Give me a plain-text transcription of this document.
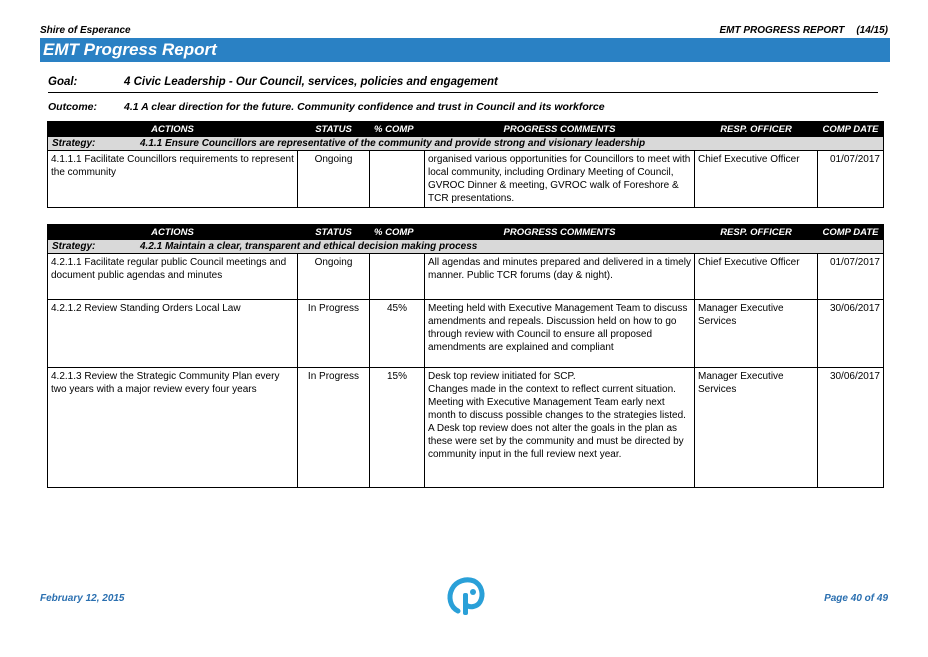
Shire of Esperance	EMT PROGRESS REPORT (14/15)
EMT Progress Report
Goal:	4 Civic Leadership - Our Council, services, policies and engagement
Outcome:	4.1 A clear direction for the future. Community confidence and trust in Council and its workforce
ACTIONS	STATUS	% COMP	PROGRESS COMMENTS	RESP. OFFICER	COMP DATE
Strategy: 4.1.1 Ensure Councillors are representative of the community and provide strong and visionary leadership					
4.1.1.1 Facilitate Councillors requirements to represent the community	Ongoing		organised various opportunities for Councillors to meet with local community, including Ordinary Meeting of Council, GVROC Dinner & meeting, GVROC walk of Foreshore & TCR presentations.	Chief Executive Officer	01/07/2017
ACTIONS	STATUS	% COMP	PROGRESS COMMENTS	RESP. OFFICER	COMP DATE
Strategy: 4.2.1 Maintain a clear, transparent and ethical decision making process					
4.2.1.1 Facilitate regular public Council meetings and document public agendas and minutes	Ongoing		All agendas and minutes prepared and delivered in a timely manner. Public TCR forums (day & night).	Chief Executive Officer	01/07/2017
4.2.1.2 Review Standing Orders Local Law	In Progress	45%	Meeting held with Executive Management Team to discuss amendments and repeals. Discussion held on how to go through review with Council to ensure all proposed amendments are explained and compliant	Manager Executive Services	30/06/2017
4.2.1.3 Review the Strategic Community Plan every two years with a major review every four years	In Progress	15%	Desk top review initiated for SCP.
Changes made in the context to reflect current situation. Meeting with Executive Management Team early next month to discuss possible changes to the strategies listed.
A Desk top review does not alter the goals in the plan as these were set by the community and must be directed by community input in the full review next year.	Manager Executive Services	30/06/2017
February 12, 2015	Page 40 of 49
